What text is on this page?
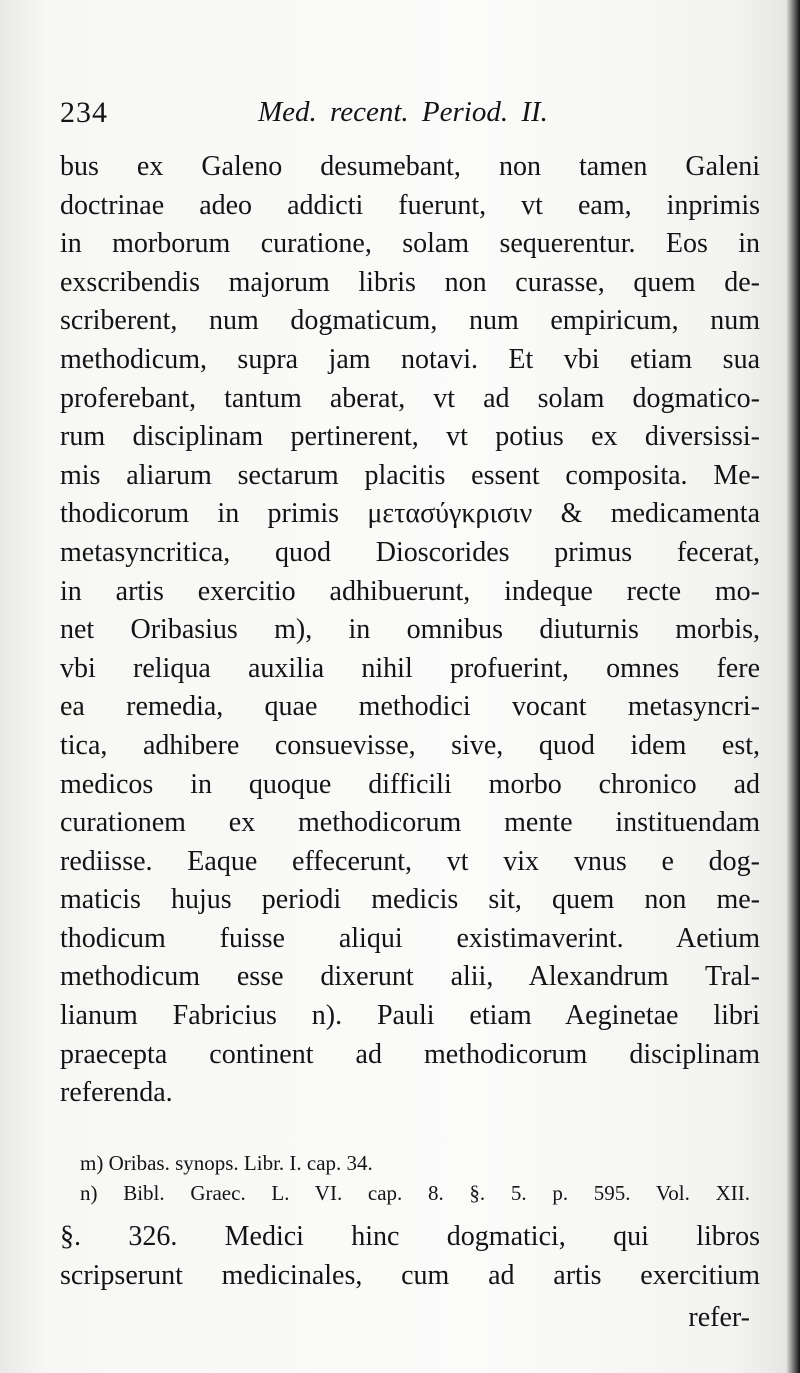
234	Med. recent. Period. II.
bus ex Galeno desumebant, non tamen Galeni
doctrinae adeo addicti fuerunt, vt eam, inprimis
in morborum curatione, solam sequerentur. Eos in
exscribendis majorum libris non curasse, quem de-
scriberent, num dogmaticum, num empiricum, num
methodicum, supra jam notavi. Et vbi etiam sua
proferebant, tantum aberat, vt ad solam dogmatico-
rum disciplinam pertinerent, vt potius ex diversissi-
mis aliarum sectarum placitis essent composita. Me-
thodicorum in primis μετασύγκρισιν & medicamenta
metasyncritica, quod Dioscorides primus fecerat,
in artis exercitio adhibuerunt, indeque recte mo-
net Oribasius m), in omnibus diuturnis morbis,
vbi reliqua auxilia nihil profuerint, omnes fere
ea remedia, quae methodici vocant metasyncri-
tica, adhibere consuevisse, sive, quod idem est,
medicos in quoque difficili morbo chronico ad
curationem ex methodicorum mente instituendam
rediisse. Eaque effecerunt, vt vix vnus e dog-
maticis hujus periodi medicis sit, quem non me-
thodicum fuisse aliqui existimaverint. Aetium
methodicum esse dixerunt alii, Alexandrum Tral-
lianum Fabricius n). Pauli etiam Aeginetae libri
praecepta continent ad methodicorum disciplinam
referenda.
m) Oribas. synops. Libr. I. cap. 34.
n) Bibl. Graec. L. VI. cap. 8. §. 5. p. 595. Vol. XII.
§. 326. Medici hinc dogmatici, qui libros
scripserunt medicinales, cum ad artis exercitium
refer-
